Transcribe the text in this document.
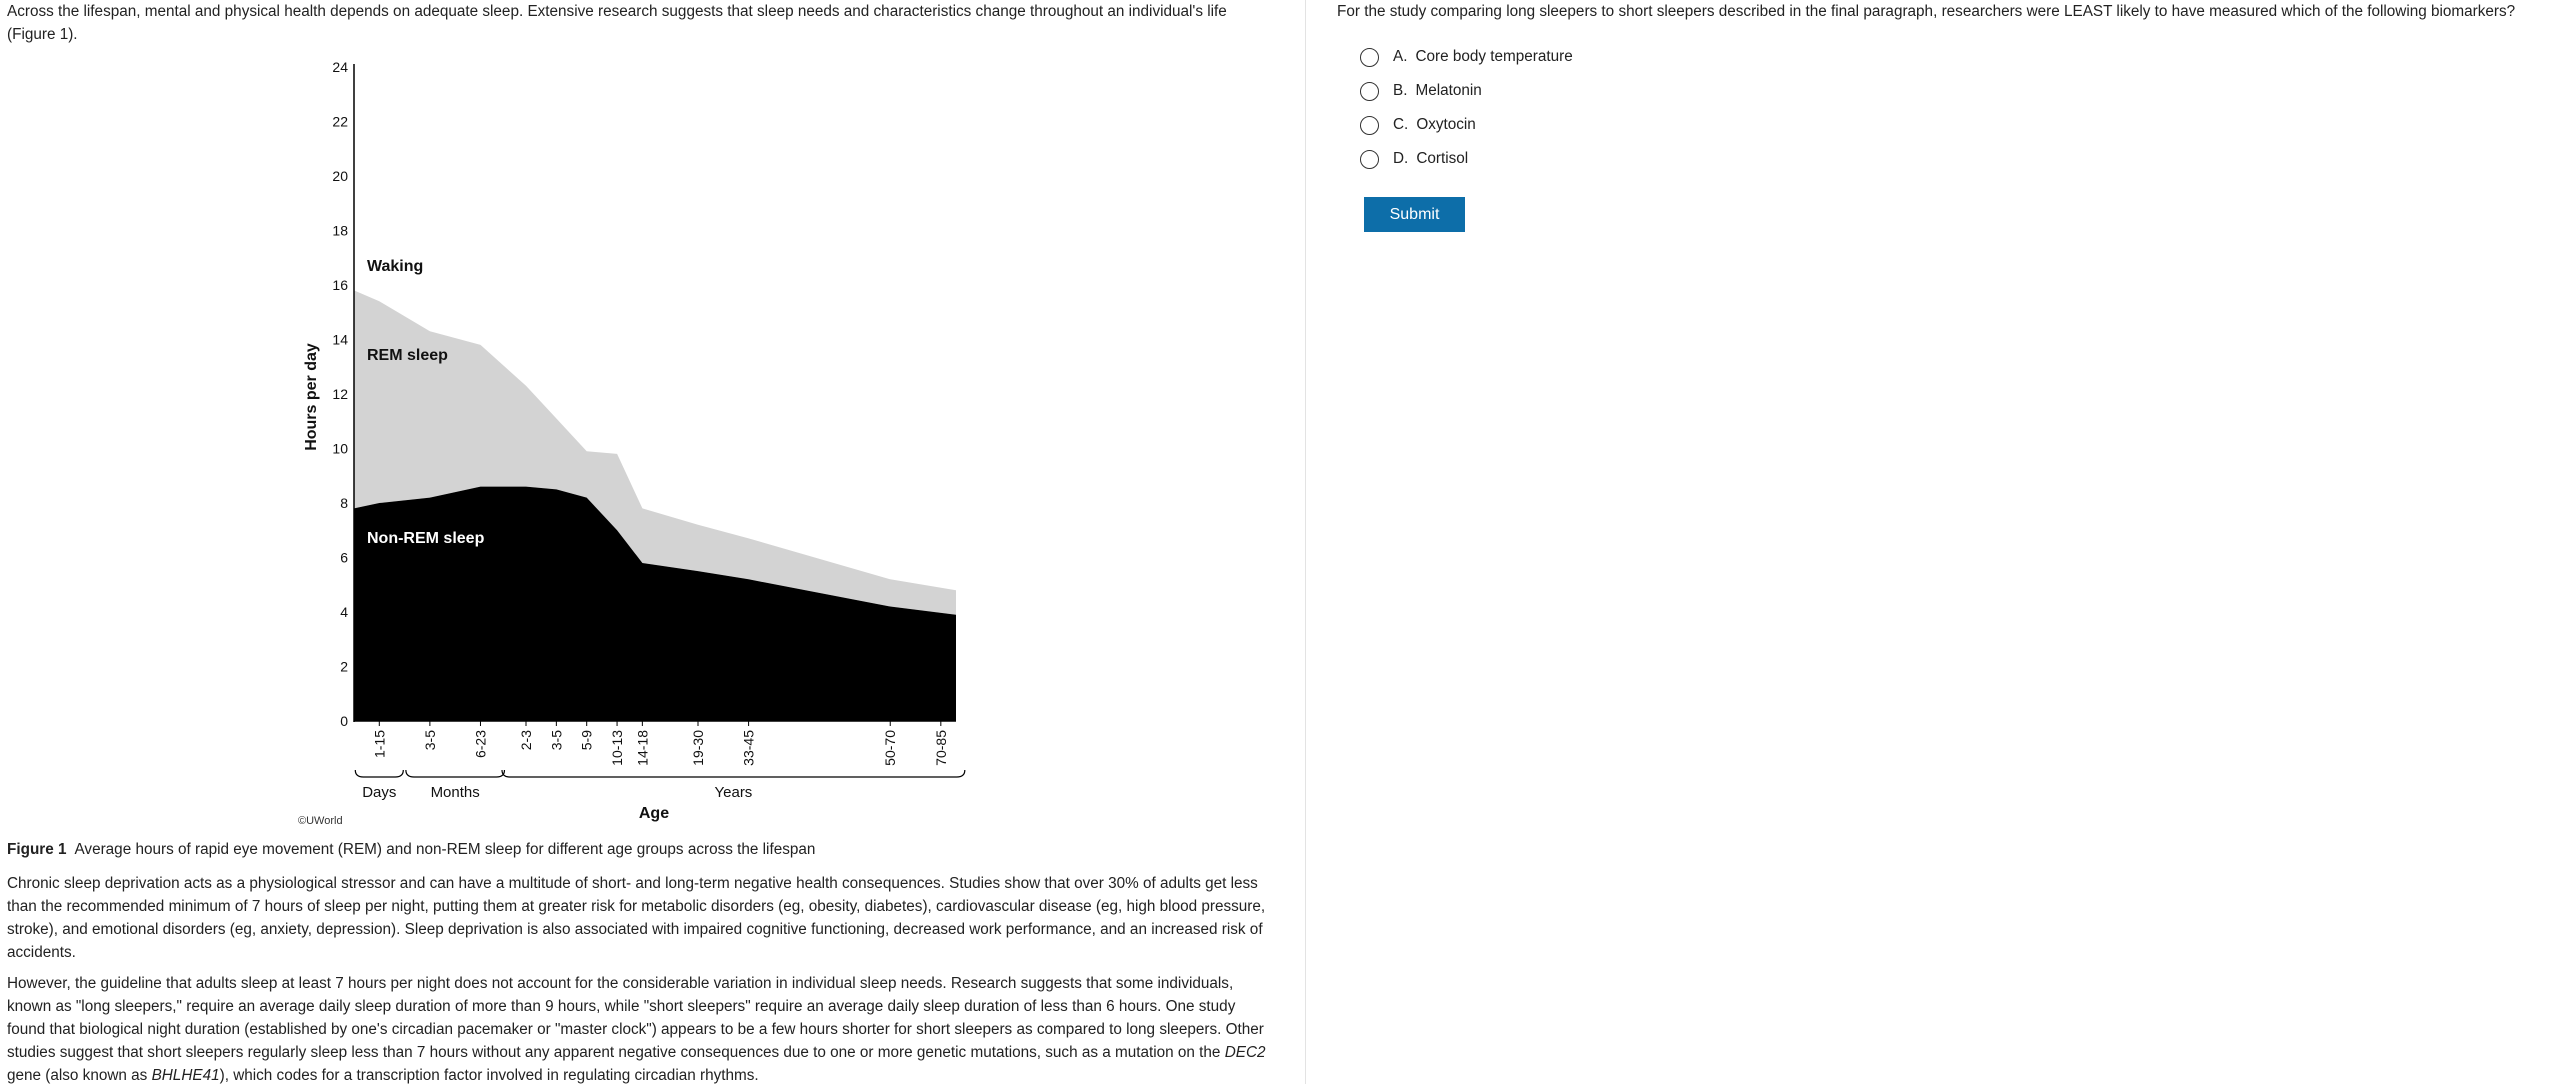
Across the lifespan, mental and physical health depends on adequate sleep. Extensive research suggests that sleep needs and characteristics change throughout an individual's life (Figure 1).

0
2
4
6
8
10
12
14
16
18
20
22
24
1-15 3-5 6-23 2-3 3-5 5-9 10-13 14-18	19-30 33-45	50-70 70-85
Days Months	Years
Hours per day
Age
Waking
REM sleep
Non-REM sleep
©UWorld

Figure 1 Average hours of rapid eye movement (REM) and non-REM sleep for different age groups across the lifespan

Chronic sleep deprivation acts as a physiological stressor and can have a multitude of short- and long-term negative health consequences. Studies show that over 30% of adults get less than the recommended minimum of 7 hours of sleep per night, putting them at greater risk for metabolic disorders (eg, obesity, diabetes), cardiovascular disease (eg, high blood pressure, stroke), and emotional disorders (eg, anxiety, depression). Sleep deprivation is also associated with impaired cognitive functioning, decreased work performance, and an increased risk of accidents.

However, the guideline that adults sleep at least 7 hours per night does not account for the considerable variation in individual sleep needs. Research suggests that some individuals, known as "long sleepers," require an average daily sleep duration of more than 9 hours, while "short sleepers" require an average daily sleep duration of less than 6 hours. One study found that biological night duration (established by one's circadian pacemaker or "master clock") appears to be a few hours shorter for short sleepers as compared to long sleepers. Other studies suggest that short sleepers regularly sleep less than 7 hours without any apparent negative consequences due to one or more genetic mutations, such as a mutation on the DEC2 gene (also known as BHLHE41), which codes for a transcription factor involved in regulating circadian rhythms.

For the study comparing long sleepers to short sleepers described in the final paragraph, researchers were LEAST likely to have measured which of the following biomarkers?

A. Core body temperature
B. Melatonin
C. Oxytocin
D. Cortisol
Submit
